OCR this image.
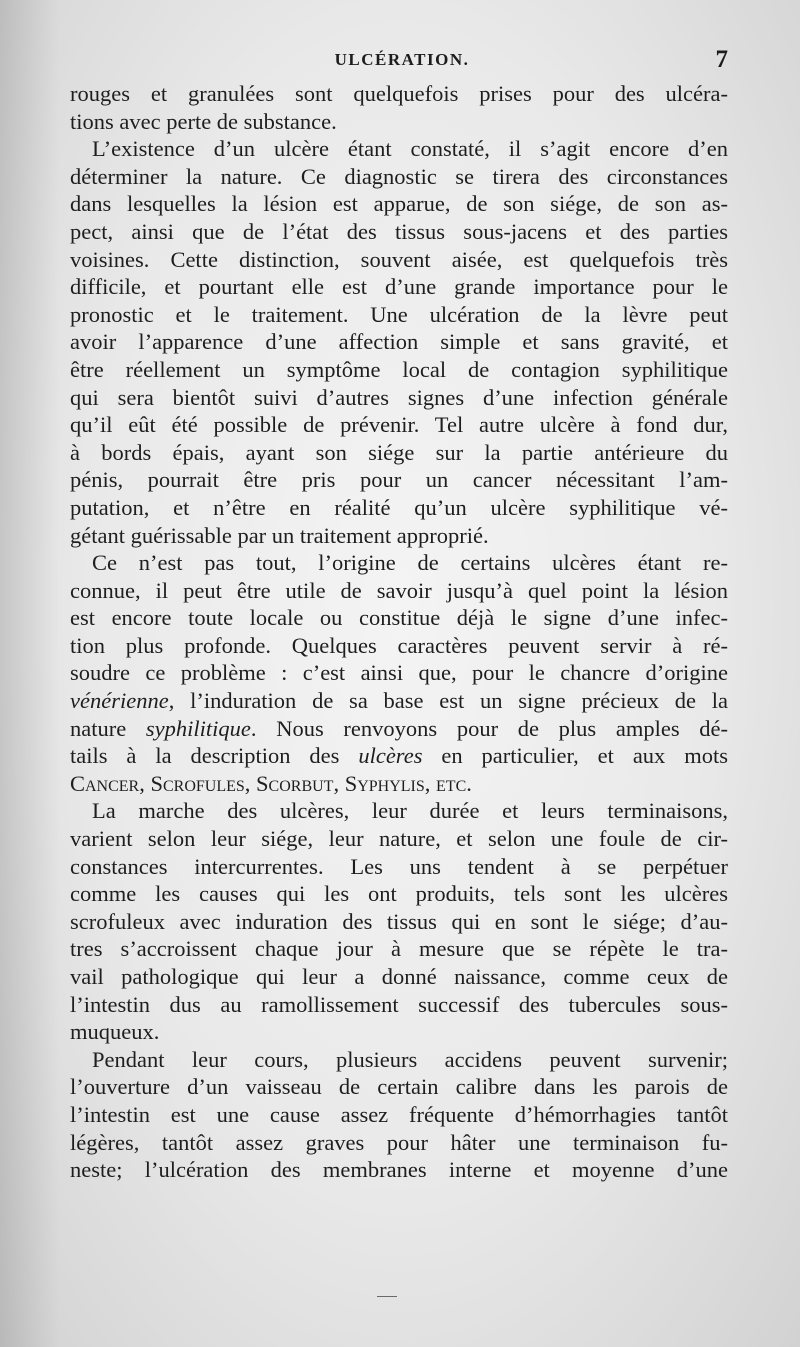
ULCÉRATION.	7
rouges et granulées sont quelquefois prises pour des ulcéra-
tions avec perte de substance.
L’existence d’un ulcère étant constaté, il s’agit encore d’en
déterminer la nature. Ce diagnostic se tirera des circonstances
dans lesquelles la lésion est apparue, de son siége, de son as-
pect, ainsi que de l’état des tissus sous-jacens et des parties
voisines. Cette distinction, souvent aisée, est quelquefois très
difficile, et pourtant elle est d’une grande importance pour le
pronostic et le traitement. Une ulcération de la lèvre peut
avoir l’apparence d’une affection simple et sans gravité, et
être réellement un symptôme local de contagion syphilitique
qui sera bientôt suivi d’autres signes d’une infection générale
qu’il eût été possible de prévenir. Tel autre ulcère à fond dur,
à bords épais, ayant son siége sur la partie antérieure du
pénis, pourrait être pris pour un cancer nécessitant l’am-
putation, et n’être en réalité qu’un ulcère syphilitique vé-
gétant guérissable par un traitement approprié.
Ce n’est pas tout, l’origine de certains ulcères étant re-
connue, il peut être utile de savoir jusqu’à quel point la lésion
est encore toute locale ou constitue déjà le signe d’une infec-
tion plus profonde. Quelques caractères peuvent servir à ré-
soudre ce problème : c’est ainsi que, pour le chancre d’origine
vénérienne, l’induration de sa base est un signe précieux de la
nature syphilitique. Nous renvoyons pour de plus amples dé-
tails à la description des ulcères en particulier, et aux mots
Cancer, Scrofules, Scorbut, Syphylis, etc.
La marche des ulcères, leur durée et leurs terminaisons,
varient selon leur siége, leur nature, et selon une foule de cir-
constances intercurrentes. Les uns tendent à se perpétuer
comme les causes qui les ont produits, tels sont les ulcères
scrofuleux avec induration des tissus qui en sont le siége; d’au-
tres s’accroissent chaque jour à mesure que se répète le tra-
vail pathologique qui leur a donné naissance, comme ceux de
l’intestin dus au ramollissement successif des tubercules sous-
muqueux.
Pendant leur cours, plusieurs accidens peuvent survenir;
l’ouverture d’un vaisseau de certain calibre dans les parois de
l’intestin est une cause assez fréquente d’hémorrhagies tantôt
légères, tantôt assez graves pour hâter une terminaison fu-
neste; l’ulcération des membranes interne et moyenne d’une
